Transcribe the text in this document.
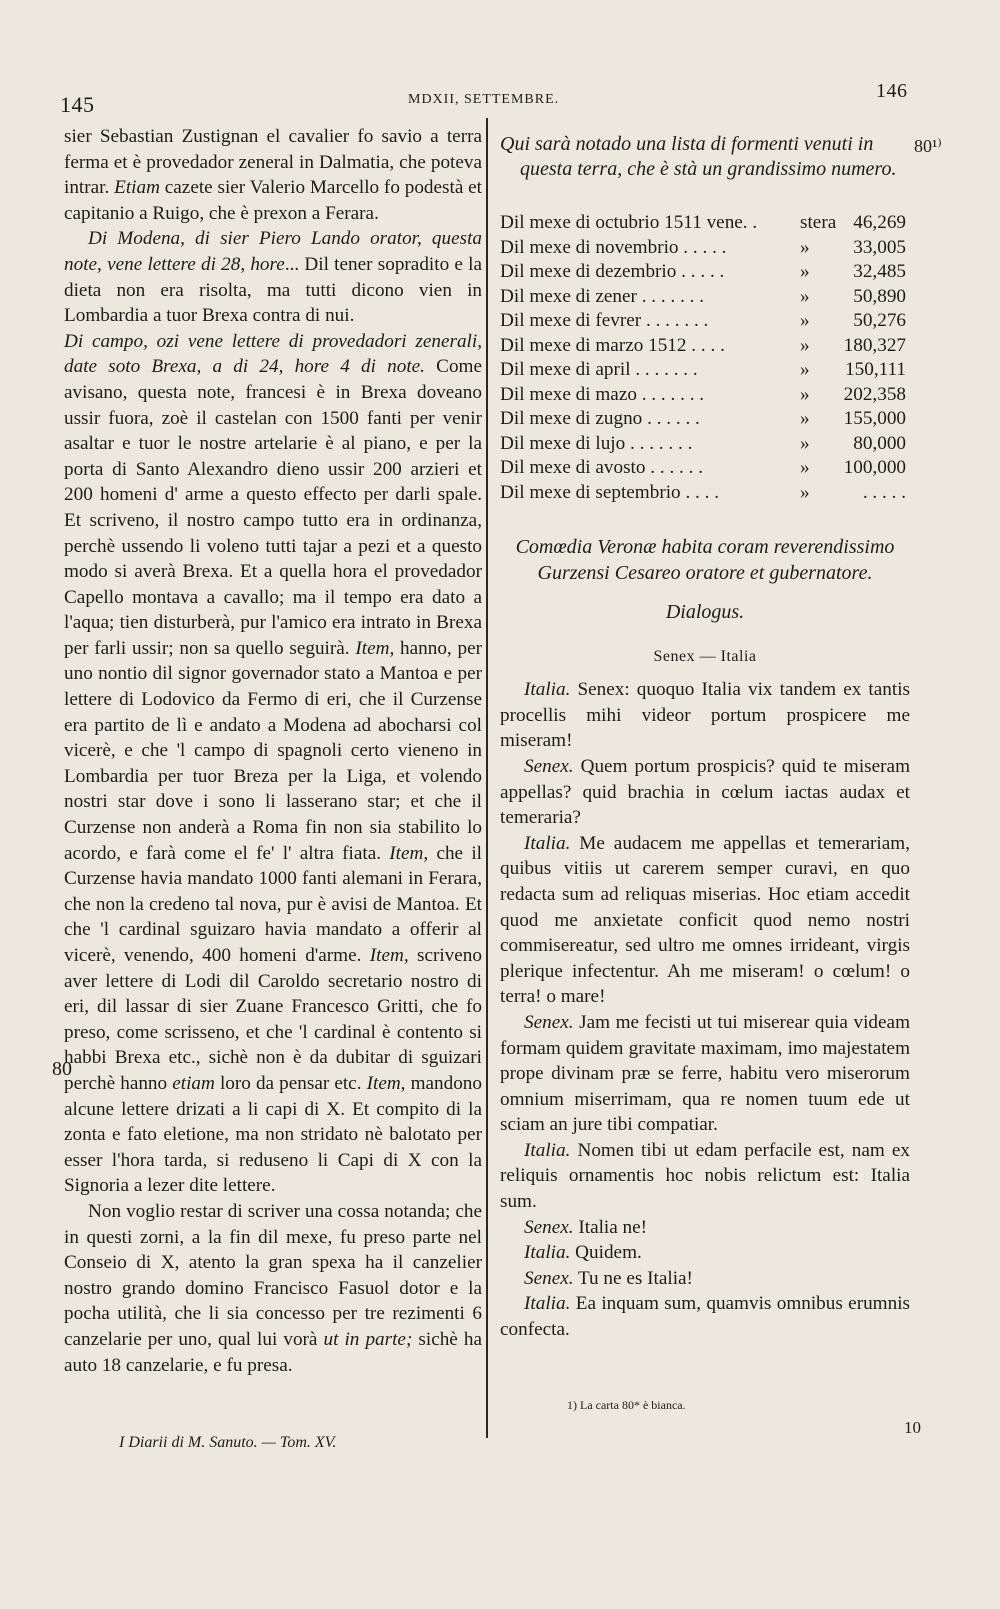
145	MDXII, SETTEMBRE.	146

sier Sebastian Zustignan el cavalier fo savio a terra ferma et è provedador zeneral in Dalmatia, che poteva intrar. Etiam cazete sier Valerio Marcello fo podestà et capitanio a Ruigo, che è prexon a Ferara.

Di Modena, di sier Piero Lando orator, questa note, vene lettere di 28, hore... Dil tener sopradito e la dieta non era risolta, ma tutti dicono vien in Lombardia a tuor Brexa contra di nui.

Di campo, ozi vene lettere di provedadori zenerali, date soto Brexa, a di 24, hore 4 di note. Come avisano, questa note, francesi è in Brexa doveano ussir fuora, zoè il castelan con 1500 fanti per venir asaltar e tuor le nostre artelarie è al piano, e per la porta di Santo Alexandro dieno ussir 200 arzieri et 200 homeni d' arme a questo effecto per darli spale. Et scriveno, il nostro campo tutto era in ordinanza, perchè ussendo li voleno tutti tajar a pezi et a questo modo si averà Brexa. Et a quella hora el provedador Capello montava a cavallo; ma il tempo era dato a l'aqua; tien disturberà, pur l'amico era intrato in Brexa per farli ussir; non sa quello seguirà. Item, hanno, per uno nontio dil signor governador stato a Mantoa e per lettere di Lodovico da Fermo di eri, che il Curzense era partito de lì e andato a Modena ad abocharsi col vicerè, e che 'l campo di spagnoli certo vieneno in Lombardia per tuor Breza per la Liga, et volendo nostri star dove i sono li lasserano star; et che il Curzense non anderà a Roma fin non sia stabilito lo acordo, e farà come el fe' l' altra fiata. Item, che il Curzense havia mandato 1000 fanti alemani in Ferara, che non la credeno tal nova, pur è avisi de Mantoa. Et che 'l cardinal sguizaro havia mandato a offerir al vicerè, venendo, 400 homeni d'arme. Item, scriveno aver lettere di Lodi dil Caroldo secretario nostro di eri, dil lassar di sier Zuane Francesco Gritti, che fo preso, come scrisseno, et che 'l cardinal è contento si habbi Brexa etc., sichè non è da dubitar di sguizari perchè hanno etiam loro da pensar etc. Item, mandono alcune lettere drizati a li capi di X. Et compito di la zonta e fato eletione, ma non stridato nè balotato per esser l'hora tarda, si reduseno li Capi di X con la Signoria a lezer dite lettere.

Non voglio restar di scriver una cossa notanda; che in questi zorni, a la fin dil mexe, fu preso parte nel Conseio di X, atento la gran spexa ha il canzelier nostro grando domino Francisco Fasuol dotor e la pocha utilità, che li sia concesso per tre rezimenti 6 canzelarie per uno, qual lui vorà ut in parte; sichè ha auto 18 canzelarie, e fu presa.

80

Qui sarà notado una lista di formenti venuti in questa terra, che è stà un grandissimo numero.

Dil mexe di octubrio 1511 vene. .	stera 46,269
Dil mexe di novembrio . . . . .	»	33,005
Dil mexe di dezembrio . . . . .	»	32,485
Dil mexe di zener . . . . . . .	»	50,890
Dil mexe di fevrer . . . . . . .	»	50,276
Dil mexe di marzo 1512 . . . .	»	180,327
Dil mexe di april . . . . . . .	»	150,111
Dil mexe di mazo . . . . . . .	»	202,358
Dil mexe di zugno . . . . . .	»	155,000
Dil mexe di lujo . . . . . . .	»	80,000
Dil mexe di avosto . . . . . .	»	100,000
Dil mexe di septembrio . . . .	»	. . . . .
Comœdia Veronæ habita coram reverendissimo Gurzensi Cesareo oratore et gubernatore.
Dialogus.
Senex — Italia

Italia. Senex: quoquo Italia vix tandem ex tantis procellis mihi videor portum prospicere me miseram!

Senex. Quem portum prospicis? quid te miseram appellas? quid brachia in cœlum iactas audax et temeraria?

Italia. Me audacem me appellas et temerariam, quibus vitiis ut carerem semper curavi, en quo redacta sum ad reliquas miserias. Hoc etiam accedit quod me anxietate conficit quod nemo nostri commisereatur, sed ultro me omnes irrideant, virgis plerique infectentur. Ah me miseram! o cœlum! o terra! o mare!

Senex. Jam me fecisti ut tui miserear quia videam formam quidem gravitate maximam, imo majestatem prope divinam præ se ferre, habitu vero miserorum omnium miserrimam, qua re nomen tuum ede ut sciam an jure tibi compatiar.

Italia. Nomen tibi ut edam perfacile est, nam ex reliquis ornamentis hoc nobis relictum est: Italia sum.

Senex. Italia ne!

Italia. Quidem.

Senex. Tu ne es Italia!

Italia. Ea inquam sum, quamvis omnibus erumnis confecta.

80¹⁾
1) La carta 80* è bianca.
10
I Diarii di M. Sanuto. — Tom. XV.
